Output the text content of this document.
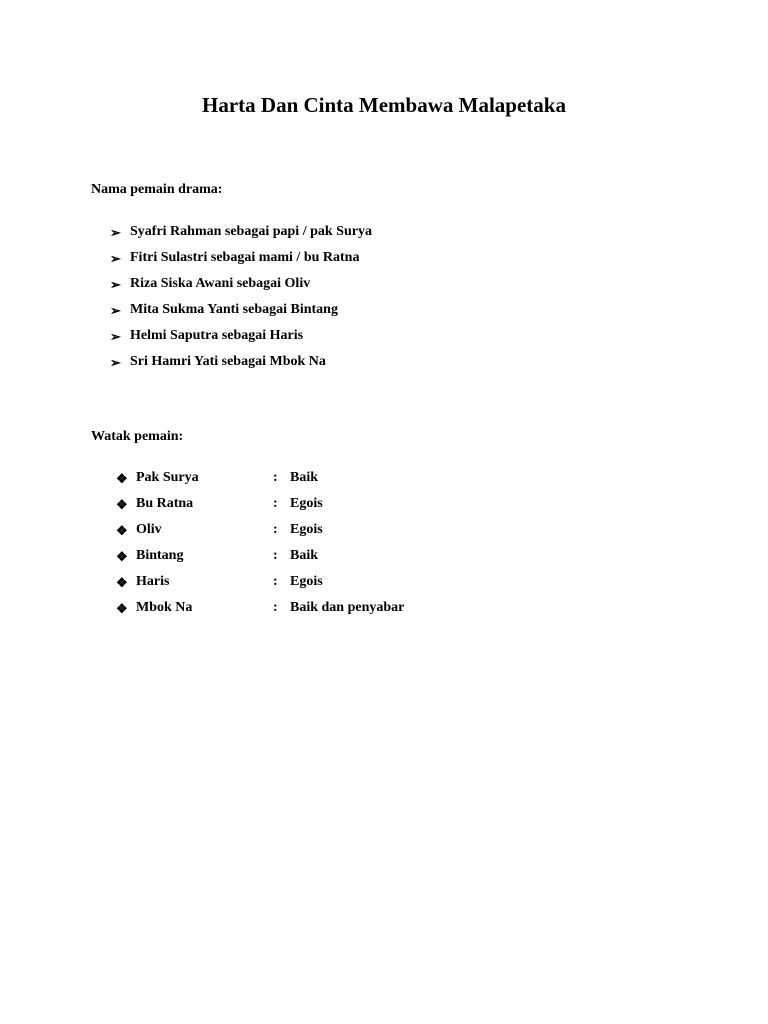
Harta Dan Cinta Membawa Malapetaka
Nama pemain drama:
➢ Syafri Rahman sebagai papi / pak Surya
➢ Fitri Sulastri sebagai mami / bu Ratna
➢ Riza Siska Awani sebagai Oliv
➢ Mita Sukma Yanti sebagai Bintang
➢ Helmi Saputra sebagai Haris
➢ Sri Hamri Yati sebagai Mbok Na
Watak pemain:
❖ Pak Surya	: Baik
❖ Bu Ratna	: Egois
❖ Oliv	: Egois
❖ Bintang	: Baik
❖ Haris	: Egois
❖ Mbok Na	: Baik dan penyabar
